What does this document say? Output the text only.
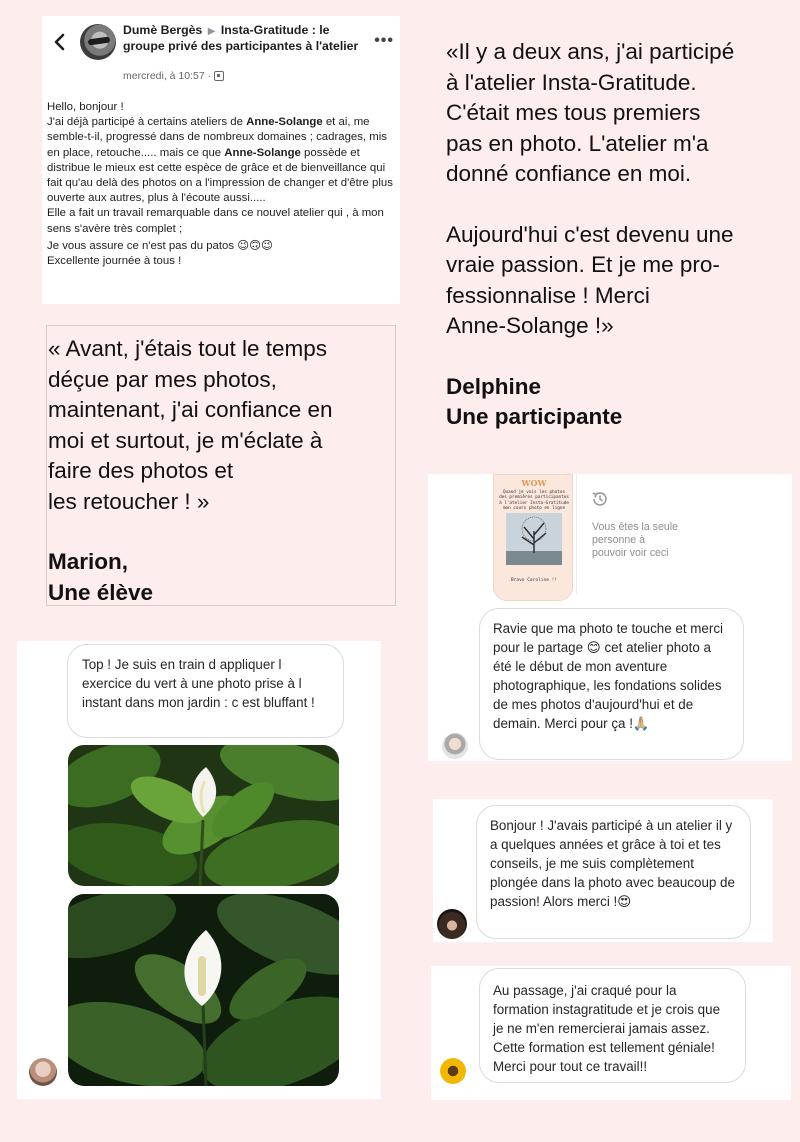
Dumè Bergès ▶ Insta-Gratitude : le groupe privé des participantes à l'atelier
mercredi, à 10:57 ·
•••

Hello, bonjour !

J'ai déjà participé à certains ateliers de Anne-Solange et ai, me semble-t-il, progressé dans de nombreux domaines ; cadrages, mis en place, retouche..... mais ce que Anne-Solange possède et distribue le mieux est cette espèce de grâce et de bienveillance qui fait qu'au delà des photos on a l'impression de changer et d'être plus ouverte aux autres, plus à l'écoute aussi.....

Elle a fait un travail remarquable dans ce nouvel atelier qui , à mon sens s'avère très complet ;

Je vous assure ce n'est pas du patos 😉🙃😉

Excellente journée à tous !

« Avant, j'étais tout le temps
déçue par mes photos,
maintenant, j'ai confiance en
moi et surtout, je m'éclate à
faire des photos et
les retoucher ! »
Marion,
Une élève
«Il y a deux ans, j'ai participé
à l'atelier Insta-Gratitude.
C'était mes tous premiers
pas en photo. L'atelier m'a
donné confiance en moi.
Aujourd'hui c'est devenu une
vraie passion. Et je me pro-
fessionnalise ! Merci
Anne-Solange !»
Delphine
Une participante
Top ! Je suis en train d appliquer l exercice du vert à une photo prise à l instant dans mon jardin : c est bluffant !
WOW
Quand je vois les photos des premières participantes à l'atelier Insta-Gratitude mon cours photo en ligne
Bravo Caroline !!
Vous êtes la seule personne à pouvoir voir ceci
Ravie que ma photo te touche et merci pour le partage 😊 cet atelier photo a été le début de mon aventure photographique, les fondations solides de mes photos d'aujourd'hui et de demain. Merci pour ça !🙏🏼
Bonjour ! J'avais participé à un atelier il y a quelques années et grâce à toi et tes conseils, je me suis complètement plongée dans la photo avec beaucoup de passion! Alors merci !😍
Au passage, j'ai craqué pour la formation instagratitude et je crois que je ne m'en remercierai jamais assez. Cette formation est tellement géniale! Merci pour tout ce travail!!
